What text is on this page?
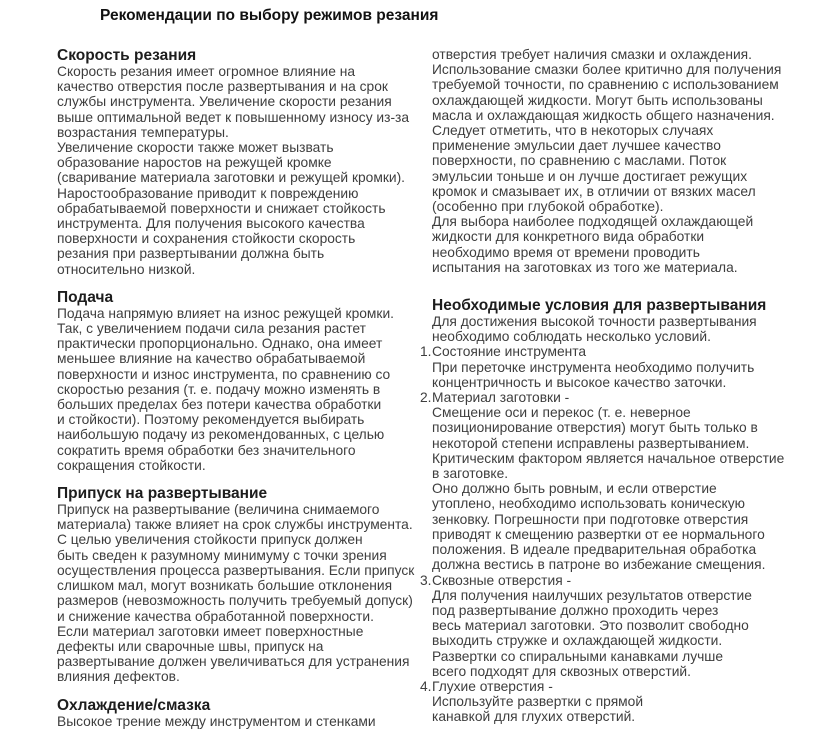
Рекомендации по выбору режимов резания
Скорость резания
Скорость резания имеет огромное влияние на
качество отверстия после развертывания и на срок
службы инструмента. Увеличение скорости резания
выше оптимальной ведет к повышенному износу из-за
возрастания температуры.
Увеличение скорости также может вызвать
образование наростов на режущей кромке
(сваривание материала заготовки и режущей кромки).
Наростообразование приводит к повреждению
обрабатываемой поверхности и снижает стойкость
инструмента. Для получения высокого качества
поверхности и сохранения стойкости скорость
резания при развертывании должна быть
относительно низкой.
Подача
Подача напрямую влияет на износ режущей кромки.
Так, с увеличением подачи сила резания растет
практически пропорционально. Однако, она имеет
меньшее влияние на качество обрабатываемой
поверхности и износ инструмента, по сравнению со
скоростью резания (т. е. подачу можно изменять в
больших пределах без потери качества обработки
и стойкости). Поэтому рекомендуется выбирать
наибольшую подачу из рекомендованных, с целью
сократить время обработки без значительного
сокращения стойкости.
Припуск на развертывание
Припуск на развертывание (величина снимаемого
материала) также влияет на срок службы инструмента.
С целью увеличения стойкости припуск должен
быть сведен к разумному минимуму с точки зрения
осуществления процесса развертывания. Если припуск
слишком мал, могут возникать большие отклонения
размеров (невозможность получить требуемый допуск)
и снижение качества обработанной поверхности.
Если материал заготовки имеет поверхностные
дефекты или сварочные швы, припуск на
развертывание должен увеличиваться для устранения
влияния дефектов.
Охлаждение/смазка
Высокое трение между инструментом и стенками
отверстия требует наличия смазки и охлаждения.
Использование смазки более критично для получения
требуемой точности, по сравнению с использованием
охлаждающей жидкости. Могут быть использованы
масла и охлаждающая жидкость общего назначения.
Следует отметить, что в некоторых случаях
применение эмульсии дает лучшее качество
поверхности, по сравнению с маслами. Поток
эмульсии тоньше и он лучше достигает режущих
кромок и смазывает их, в отличии от вязких масел
(особенно при глубокой обработке).
Для выбора наиболее подходящей охлаждающей
жидкости для конкретного вида обработки
необходимо время от времени проводить
испытания на заготовках из того же материала.
Необходимые условия для развертывания
Для достижения высокой точности развертывания
необходимо соблюдать несколько условий.
1. Состояние инструмента
При переточке инструмента необходимо получить
концентричность и высокое качество заточки.
2. Материал заготовки -
Смещение оси и перекос (т. е. неверное
позиционирование отверстия) могут быть только в
некоторой степени исправлены развертыванием.
Критическим фактором является начальное отверстие
в заготовке.
Оно должно быть ровным, и если отверстие
утоплено, необходимо использовать коническую
зенковку. Погрешности при подготовке отверстия
приводят к смещению развертки от ее нормального
положения. В идеале предварительная обработка
должна вестись в патроне во избежание смещения.
3. Сквозные отверстия -
Для получения наилучших результатов отверстие
под развертывание должно проходить через
весь материал заготовки. Это позволит свободно
выходить стружке и охлаждающей жидкости.
Развертки со спиральными канавками лучше
всего подходят для сквозных отверстий.
4. Глухие отверстия -
Используйте развертки с прямой
канавкой для глухих отверстий.
